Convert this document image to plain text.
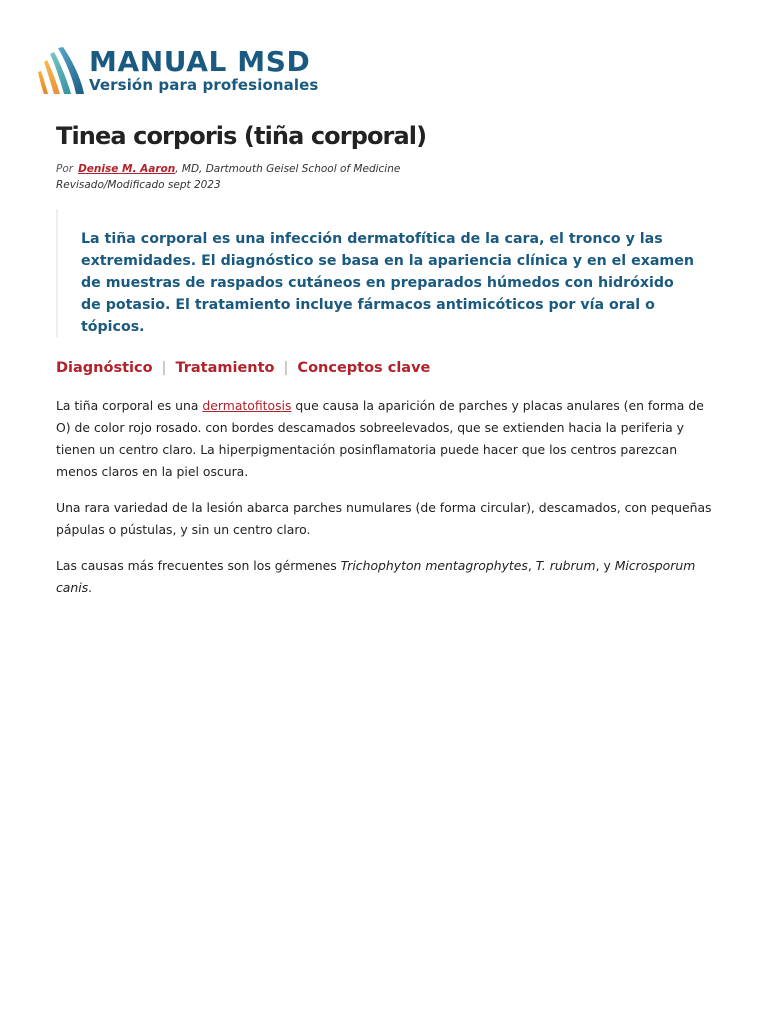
MANUAL MSD
Versión para profesionales
Tinea corporis (tiña corporal)
Por Denise M. Aaron, MD, Dartmouth Geisel School of Medicine
Revisado/Modificado sept 2023

La tiña corporal es una infección dermatofítica de la cara, el tronco y las extremidades. El diagnóstico se basa en la apariencia clínica y en el examen de muestras de raspados cutáneos en preparados húmedos con hidróxido de potasio. El tratamiento incluye fármacos antimicóticos por vía oral o tópicos.

Diagnóstico | Tratamiento | Conceptos clave

La tiña corporal es una dermatofitosis que causa la aparición de parches y placas anulares (en forma de O) de color rojo rosado. con bordes descamados sobreelevados, que se extienden hacia la periferia y tienen un centro claro. La hiperpigmentación posinflamatoria puede hacer que los centros parezcan menos claros en la piel oscura.

Una rara variedad de la lesión abarca parches numulares (de forma circular), descamados, con pequeñas pápulas o pústulas, y sin un centro claro.

Las causas más frecuentes son los gérmenes Trichophyton mentagrophytes, T. rubrum, y Microsporum canis.
